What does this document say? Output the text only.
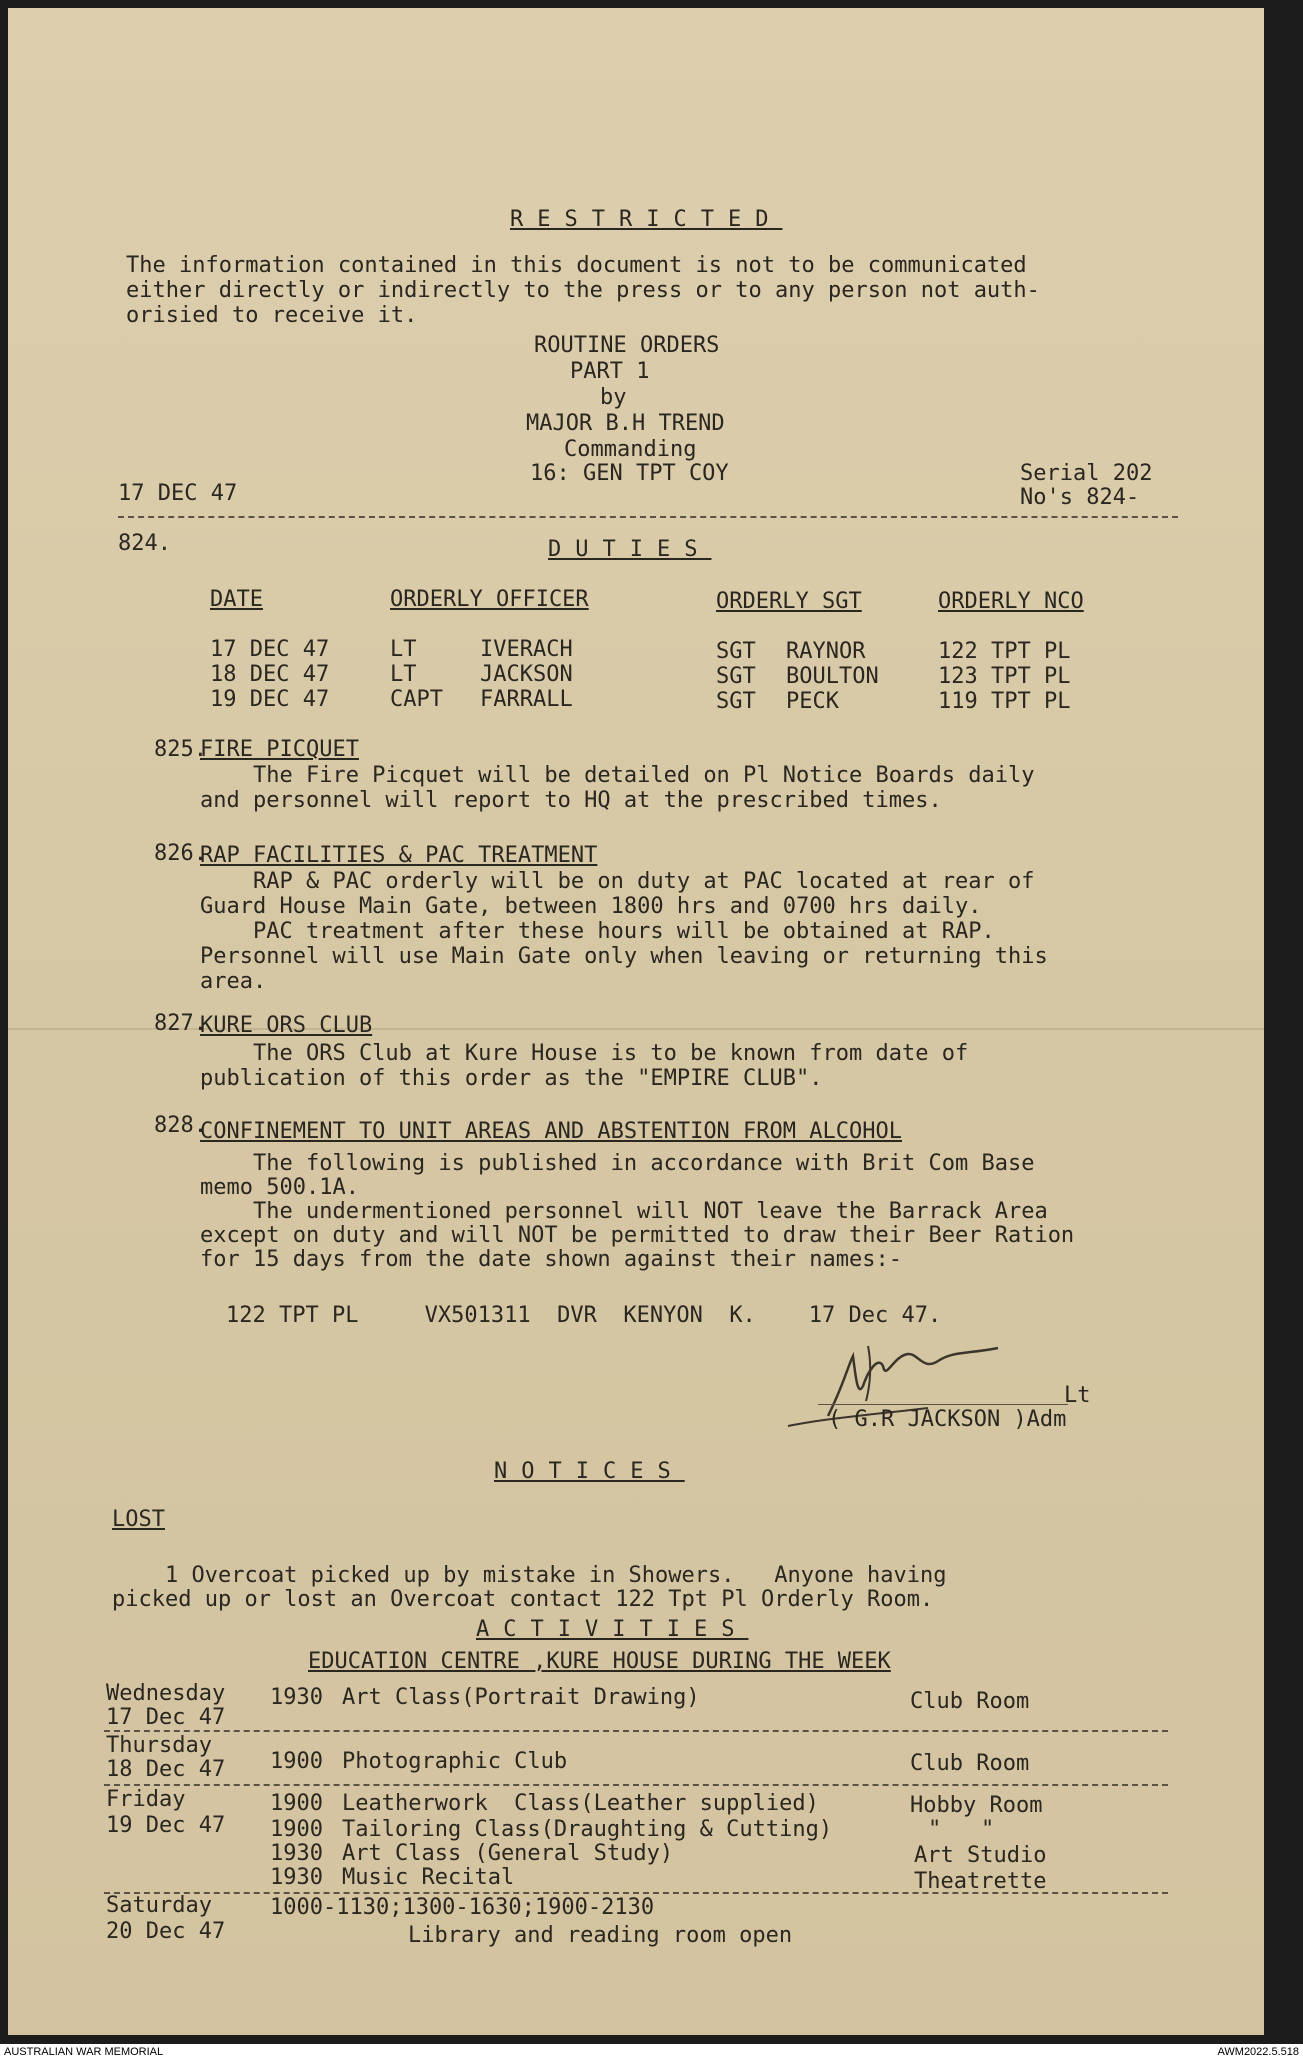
RESTRICTED
The information contained in this document is not to be communicated
either directly or indirectly to the press or to any person not auth-
orisied to receive it.
ROUTINE ORDERS
PART 1
by
MAJOR B.H TREND
Commanding
16: GEN TPT COY
17 DEC 47
Serial 202
No's 824-
824.	DUTIES
DATE	ORDERLY OFFICER	ORDERLY SGT	ORDERLY NCO
17 DEC 47	LT	IVERACH	SGT RAYNOR	122 TPT PL
18 DEC 47	LT	JACKSON	SGT BOULTON	123 TPT PL
19 DEC 47	CAPT FARRALL	SGT PECK	119 TPT PL
825.
FIRE PICQUET
The Fire Picquet will be detailed on Pl Notice Boards daily
and personnel will report to HQ at the prescribed times.
826.
RAP FACILITIES & PAC TREATMENT
RAP & PAC orderly will be on duty at PAC located at rear of
Guard House Main Gate, between 1800 hrs and 0700 hrs daily.
PAC treatment after these hours will be obtained at RAP.
Personnel will use Main Gate only when leaving or returning this
area.
827.
KURE ORS CLUB
The ORS Club at Kure House is to be known from date of
publication of this order as the "EMPIRE CLUB".
828.
CONFINEMENT TO UNIT AREAS AND ABSTENTION FROM ALCOHOL
The following is published in accordance with Brit Com Base
memo 500.1A.
The undermentioned personnel will NOT leave the Barrack Area
except on duty and will NOT be permitted to draw their Beer Ration
for 15 days from the date shown against their names:-
122 TPT PL     VX501311  DVR  KENYON  K.    17 Dec 47.
Lt
( G.R JACKSON )Adm
NOTICES
LOST
1 Overcoat picked up by mistake in Showers.   Anyone having
picked up or lost an Overcoat contact 122 Tpt Pl Orderly Room.
ACTIVITIES
EDUCATION CENTRE ,KURE HOUSE DURING THE WEEK
Wednesday
17 Dec 47
1930 Art Class(Portrait Drawing)	Club Room
Thursday
18 Dec 47 1900 Photographic Club	Club Room
Friday
19 Dec 47
1900 Leatherwork  Class(Leather supplied)	Hobby Room
1900 Tailoring Class(Draughting & Cutting)	"   "
1930 Art Class (General Study)	Art Studio
1930 Music Recital	Theatrette
Saturday
20 Dec 47
1000-1130;1300-1630;1900-2130
Library and reading room open
AUSTRALIAN WAR MEMORIAL	AWM2022.5.518
